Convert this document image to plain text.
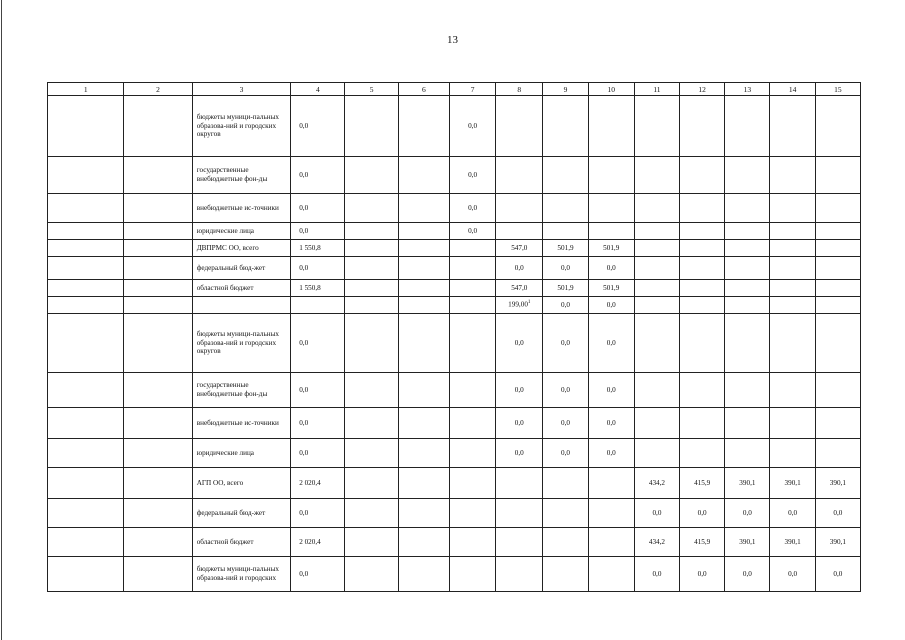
13
1	2	3	4	5	6	7	8	9	10	11	12	13	14	15
		бюджеты муници-пальных образова-ний и городских округов	0,0			0,0								
		государственные внебюджетные фон-ды	0,0			0,0								
		внебюджетные ис-точники	0,0			0,0								
		юридические лица	0,0			0,0								
		ДВПРМС ОО, всего	1 550,8				547,0	501,9	501,9					
		федеральный бюд-жет	0,0				0,0	0,0	0,0					
		областной бюджет	1 550,8				547,0	501,9	501,9					
							199,00$^1$	0,0	0,0					
		бюджеты муници-пальных образова-ний и городских округов	0,0				0,0	0,0	0,0					
		государственные внебюджетные фон-ды	0,0				0,0	0,0	0,0					
		внебюджетные ис-точники	0,0				0,0	0,0	0,0					
		юридические лица	0,0				0,0	0,0	0,0					
		АГП ОО, всего	2 020,4							434,2	415,9	390,1	390,1	390,1
		федеральный бюд-жет	0,0							0,0	0,0	0,0	0,0	0,0
		областной бюджет	2 020,4							434,2	415,9	390,1	390,1	390,1
		бюджеты муници-пальных образова-ний и городских	0,0							0,0	0,0	0,0	0,0	0,0
